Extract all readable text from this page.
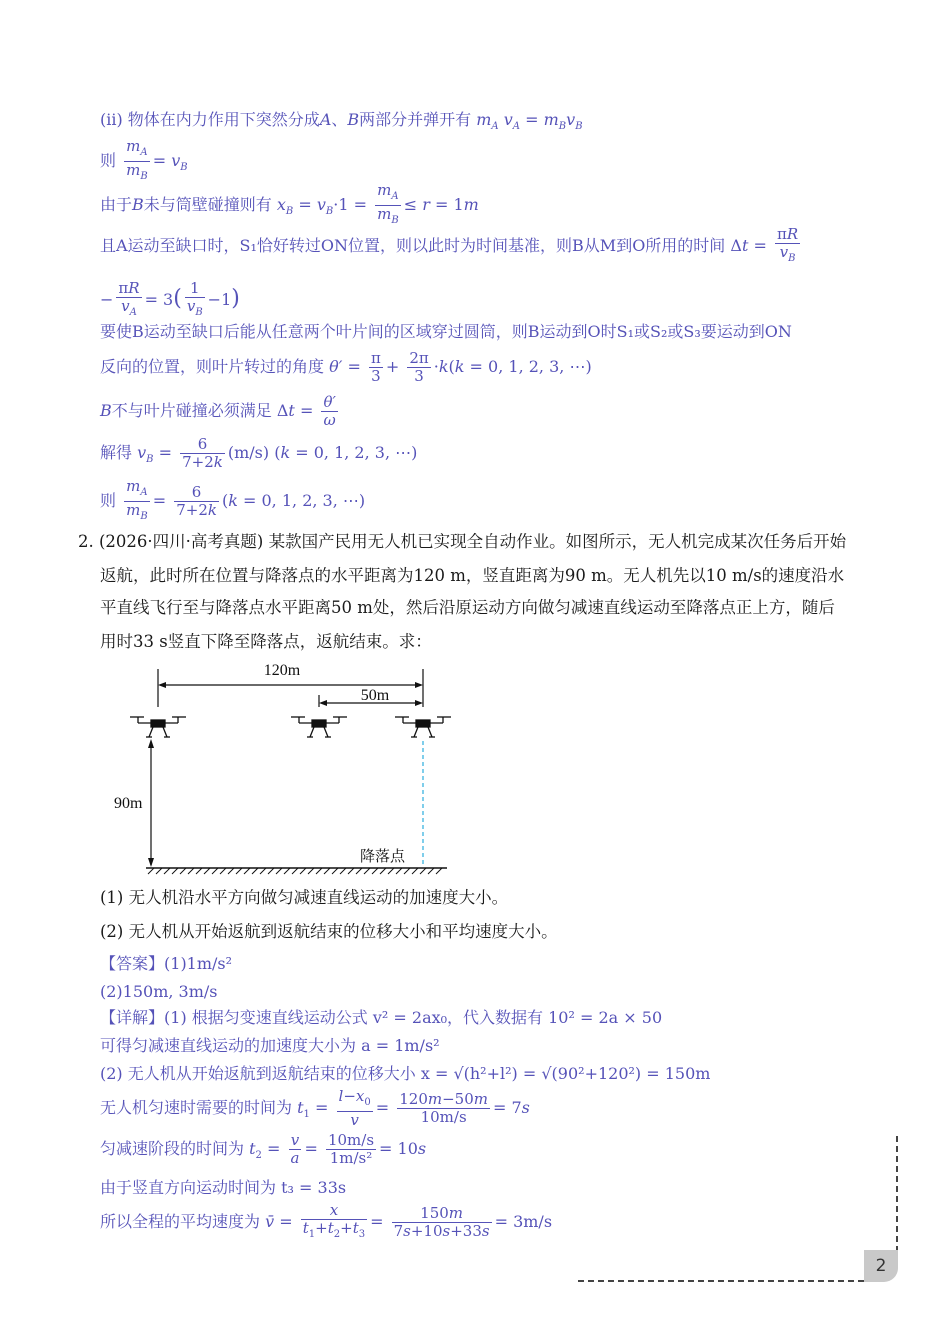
(ⅱ) 物体在内力作用下突然分成A、B两部分并弹开有 $m_A$ $v_A = m_Bv_B$
则 $\frac{m_A}{m_B} = v_B$
由于B未与筒壁碰撞则有 $x_B = v_B\cdot 1 = \frac{m_A}{m_B} \le r = 1m$
且A运动至缺口时，S₁恰好转过ON位置，则以此时为时间基准，则B从M到O所用的时间 $\Delta t = \frac{\pi R}{v_B}$
− $\frac{\pi R}{v_A} = 3( \frac{1}{v_B} -1)$
要使B运动至缺口后能从任意两个叶片间的区域穿过圆筒，则B运动到O时S₁或S₂或S₃要运动到ON
反向的位置，则叶片转过的角度 $\theta' = \frac{\pi}{3} + \frac{2\pi}{3} \cdot k(k = 0$, 1, 2, 3, ⋯)
B不与叶片碰撞必须满足 $\Delta t = \frac{\theta'}{\omega}$
解得 $v_B = \frac{6}{7+2k} (m/s) (k = 0$, 1, 2, 3, ⋯)
则 $\frac{m_A}{m_B} = \frac{6}{7+2k} (k = 0$, 1, 2, 3, ⋯)
2. (2026·四川·高考真题) 某款国产民用无人机已实现全自动作业。如图所示，无人机完成某次任务后开始
返航，此时所在位置与降落点的水平距离为120 m，竖直距离为90 m。无人机先以10 m/s的速度沿水
平直线飞行至与降落点水平距离50 m处，然后沿原运动方向做匀减速直线运动至降落点正上方，随后
用时33 s竖直下降至降落点，返航结束。求：
120m
50m
90m
降落点
(1) 无人机沿水平方向做匀减速直线运动的加速度大小。
(2) 无人机从开始返航到返航结束的位移大小和平均速度大小。
【答案】(1)1m/s²
(2)150m, 3m/s
【详解】(1) 根据匀变速直线运动公式 v² = 2ax₀，代入数据有 10² = 2a × 50
可得匀减速直线运动的加速度大小为 a = 1m/s²
(2) 无人机从开始返航到返航结束的位移大小 x = √(h²+l²) = √(90²+120²) = 150m
无人机匀速时需要的时间为 $t_1 = \frac{l-x_0}{v} = \frac{120m-50m}{10m/s} = 7s$
匀减速阶段的时间为 $t_2 = \frac{v}{a} = \frac{10m/s}{\text{1m/s²}} = 10s$
由于竖直方向运动时间为 t₃ = 33s
所以全程的平均速度为 v̄ = $\frac{x}{t_1+t_2+t_3} = \frac{150m}{7s+10s+33s} = 3m/s$
2
